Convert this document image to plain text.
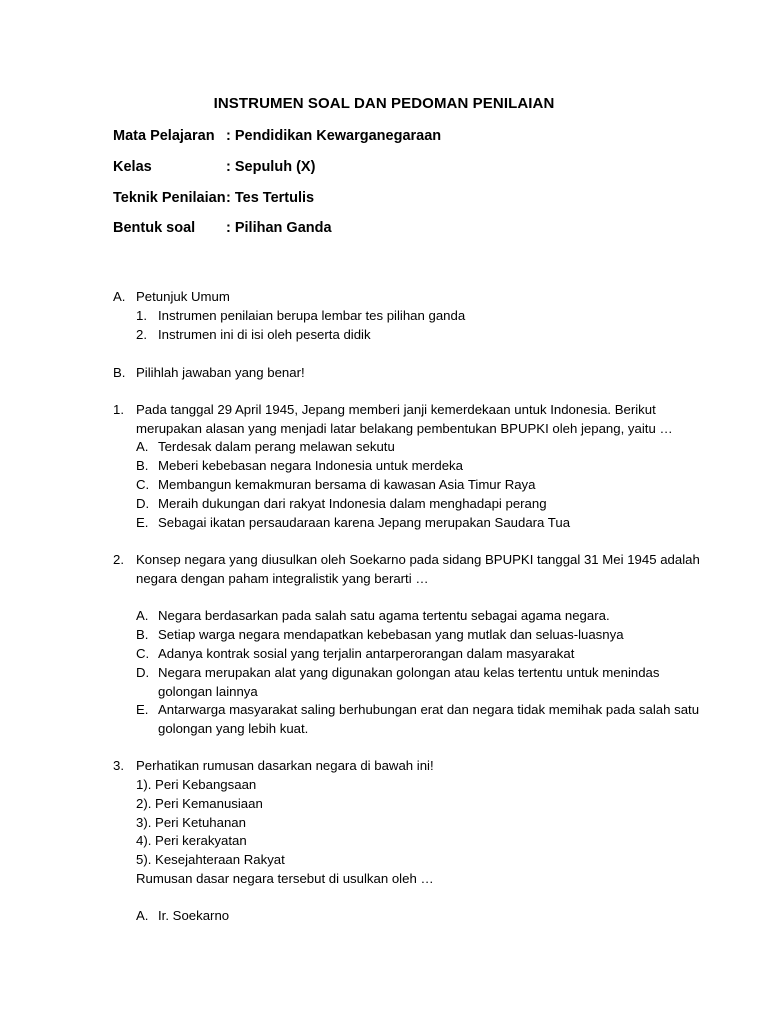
INSTRUMEN SOAL DAN PEDOMAN PENILAIAN
Mata Pelajaran : Pendidikan Kewarganegaraan
Kelas	: Sepuluh (X)
Teknik Penilaian : Tes Tertulis
Bentuk soal : Pilihan Ganda
A. Petunjuk Umum
1. Instrumen penilaian berupa lembar tes pilihan ganda
2. Instrumen ini di isi oleh peserta didik
B. Pilihlah jawaban yang benar!
1. Pada tanggal 29 April 1945, Jepang memberi janji kemerdekaan untuk Indonesia. Berikut
merupakan alasan yang menjadi latar belakang pembentukan BPUPKI oleh jepang, yaitu …
A. Terdesak dalam perang melawan sekutu
B. Meberi kebebasan negara Indonesia untuk merdeka
C. Membangun kemakmuran bersama di kawasan Asia Timur Raya
D. Meraih dukungan dari rakyat Indonesia dalam menghadapi perang
E. Sebagai ikatan persaudaraan karena Jepang merupakan Saudara Tua
2. Konsep negara yang diusulkan oleh Soekarno pada sidang BPUPKI tanggal 31 Mei 1945 adalah
negara dengan paham integralistik yang berarti …
A. Negara berdasarkan pada salah satu agama tertentu sebagai agama negara.
B. Setiap warga negara mendapatkan kebebasan yang mutlak dan seluas-luasnya
C. Adanya kontrak sosial yang terjalin antarperorangan dalam masyarakat
D. Negara merupakan alat yang digunakan golongan atau kelas tertentu untuk menindas
golongan lainnya
E. Antarwarga masyarakat saling berhubungan erat dan negara tidak memihak pada salah satu
golongan yang lebih kuat.
3. Perhatikan rumusan dasarkan negara di bawah ini!
1). Peri Kebangsaan
2). Peri Kemanusiaan
3). Peri Ketuhanan
4). Peri kerakyatan
5). Kesejahteraan Rakyat
Rumusan dasar negara tersebut di usulkan oleh …
A. Ir. Soekarno
